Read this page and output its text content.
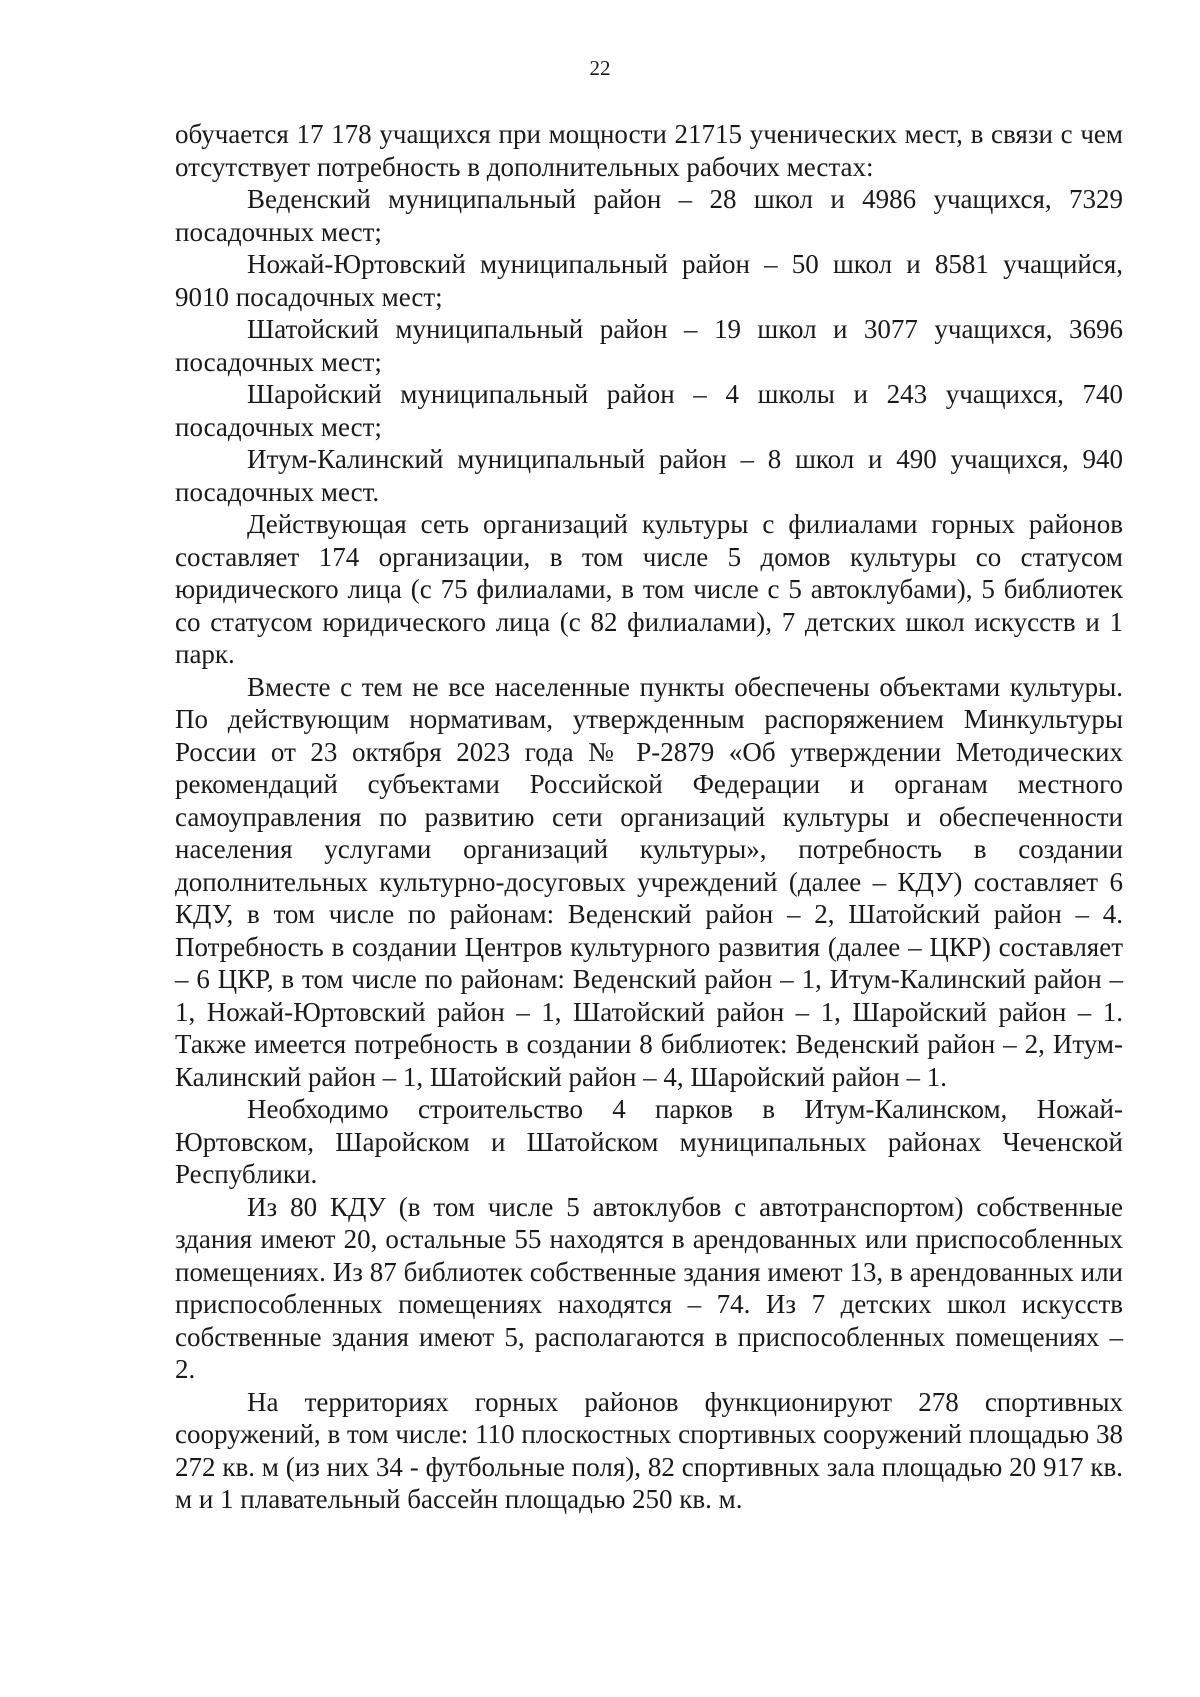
22

обучается 17 178 учащихся при мощности 21715 ученических мест, в связи с чем отсутствует потребность в дополнительных рабочих местах:

Веденский муниципальный район – 28 школ и 4986 учащихся, 7329 посадочных мест;

Ножай-Юртовский муниципальный район – 50 школ и 8581 учащийся, 9010 посадочных мест;

Шатойский муниципальный район – 19 школ и 3077 учащихся, 3696 посадочных мест;

Шаройский муниципальный район – 4 школы и 243 учащихся, 740 посадочных мест;

Итум-Калинский муниципальный район – 8 школ и 490 учащихся, 940 посадочных мест.

Действующая сеть организаций культуры с филиалами горных районов составляет 174 организации, в том числе 5 домов культуры со статусом юридического лица (с 75 филиалами, в том числе с 5 автоклубами), 5 библиотек со статусом юридического лица (с 82 филиалами), 7 детских школ искусств и 1 парк.

Вместе с тем не все населенные пункты обеспечены объектами культуры. По действующим нормативам, утвержденным распоряжением Минкультуры России от 23 октября 2023 года № Р-2879 «Об утверждении Методических рекомендаций субъектами Российской Федерации и органам местного самоуправления по развитию сети организаций культуры и обеспеченности населения услугами организаций культуры», потребность в создании дополнительных культурно-досуговых учреждений (далее – КДУ) составляет 6 КДУ, в том числе по районам: Веденский район – 2, Шатойский район – 4. Потребность в создании Центров культурного развития (далее – ЦКР) составляет – 6 ЦКР, в том числе по районам: Веденский район – 1, Итум-Калинский район – 1, Ножай-Юртовский район – 1, Шатойский район – 1, Шаройский район – 1. Также имеется потребность в создании 8 библиотек: Веденский район – 2, Итум-Калинский район – 1, Шатойский район – 4, Шаройский район – 1.

Необходимо строительство 4 парков в Итум-Калинском, Ножай-Юртовском, Шаройском и Шатойском муниципальных районах Чеченской Республики.

Из 80 КДУ (в том числе 5 автоклубов с автотранспортом) собственные здания имеют 20, остальные 55 находятся в арендованных или приспособленных помещениях. Из 87 библиотек собственные здания имеют 13, в арендованных или приспособленных помещениях находятся – 74. Из 7 детских школ искусств собственные здания имеют 5, располагаются в приспособленных помещениях – 2.

На территориях горных районов функционируют 278 спортивных сооружений, в том числе: 110 плоскостных спортивных сооружений площадью 38 272 кв. м (из них 34 - футбольные поля), 82 спортивных зала площадью 20 917 кв. м и 1 плавательный бассейн площадью 250 кв. м.
